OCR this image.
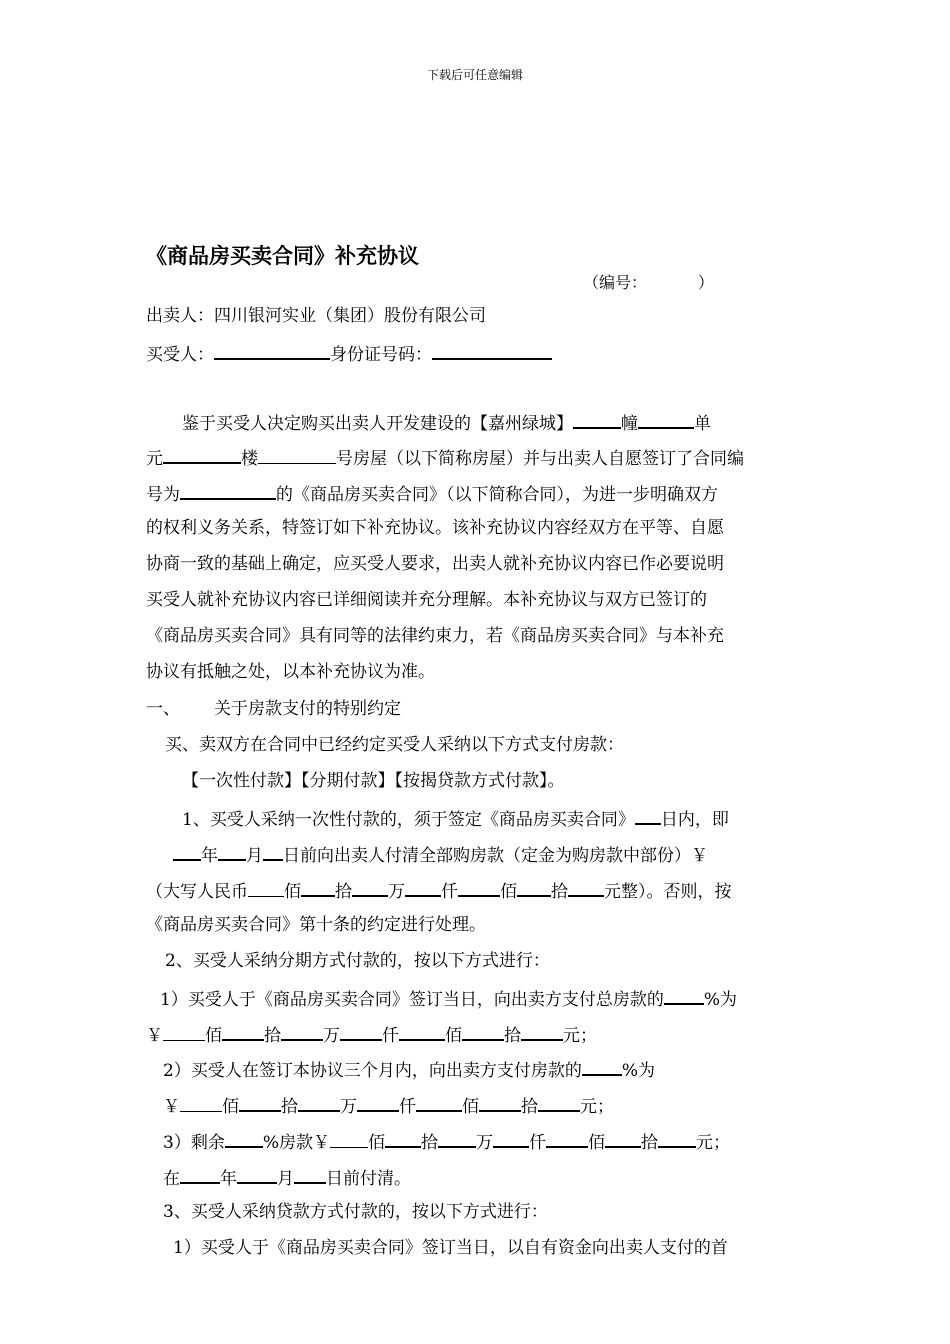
下载后可任意编辑
《商品房买卖合同》补充协议
（编号：          ）
出卖人：四川银河实业（集团）股份有限公司
买受人：	身份证号码：
鉴于买受人决定购买出卖人开发建设的【嘉州绿城】	幢	单
元	楼	号房屋（以下简称房屋）并与出卖人自愿签订了合同编
号为	的《商品房买卖合同》（以下简称合同），为进一步明确双方
的权利义务关系，特签订如下补充协议。该补充协议内容经双方在平等、自愿
协商一致的基础上确定，应买受人要求，出卖人就补充协议内容已作必要说明
买受人就补充协议内容已详细阅读并充分理解。本补充协议与双方已签订的
《商品房买卖合同》具有同等的法律约束力，若《商品房买卖合同》与本补充
协议有抵触之处，以本补充协议为准。
一、 关于房款支付的特别约定
买、卖双方在合同中已经约定买受人采纳以下方式支付房款：
【一次性付款】【分期付款】【按揭贷款方式付款】。
1、买受人采纳一次性付款的，须于签定《商品房买卖合同》 日内，即
年 月 日前向出卖人付清全部购房款（定金为购房款中部份）￥
（大写人民币 佰 拾 万 仟 佰 拾 元整）。否则，按
《商品房买卖合同》第十条的约定进行处理。
2、买受人采纳分期方式付款的，按以下方式进行：
1）买受人于《商品房买卖合同》签订当日，向出卖方支付总房款的 %为
￥ 佰 拾 万 仟	佰 拾 元；
2）买受人在签订本协议三个月内，向出卖方支付房款的 %为
￥ 佰 拾 万 仟	佰 拾 元；
3）剩余 %房款￥ 佰 拾 万 仟 佰 拾 元；
在 年 月 日前付清。
3、买受人采纳贷款方式付款的，按以下方式进行：
1）买受人于《商品房买卖合同》签订当日，以自有资金向出卖人支付的首
